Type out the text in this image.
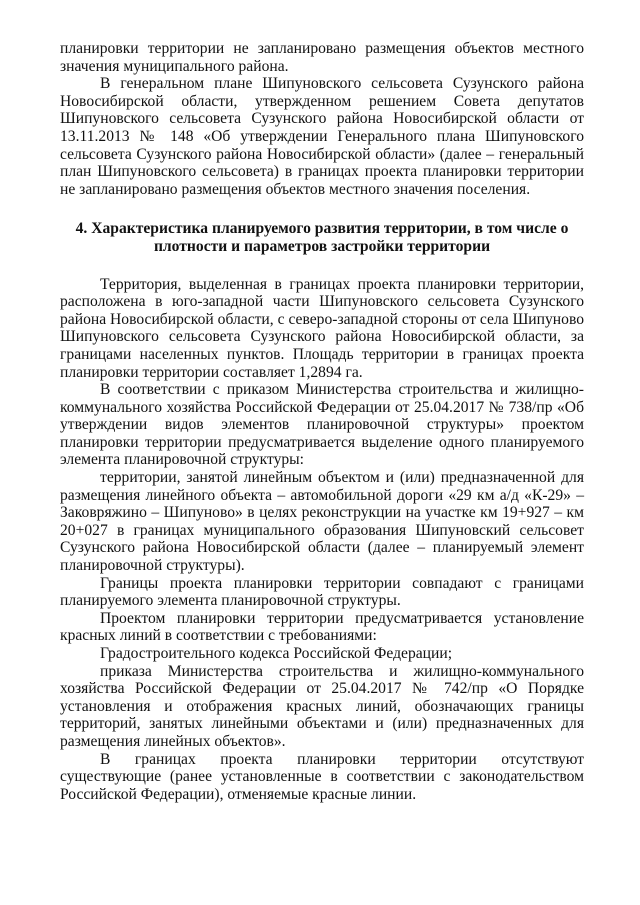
планировки территории не запланировано размещения объектов местного значения муниципального района.

В генеральном плане Шипуновского сельсовета Сузунского района Новосибирской области, утвержденном решением Совета депутатов Шипуновского сельсовета Сузунского района Новосибирской области от 13.11.2013 № 148 «Об утверждении Генерального плана Шипуновского сельсовета Сузунского района Новосибирской области» (далее – генеральный план Шипуновского сельсовета) в границах проекта планировки территории не запланировано размещения объектов местного значения поселения.

4. Характеристика планируемого развития территории, в том числе о плотности и параметров застройки территории

Территория, выделенная в границах проекта планировки территории, расположена в юго-западной части Шипуновского сельсовета Сузунского района Новосибирской области, с северо-западной стороны от села Шипуново Шипуновского сельсовета Сузунского района Новосибирской области, за границами населенных пунктов. Площадь территории в границах проекта планировки территории составляет 1,2894 га.

В соответствии с приказом Министерства строительства и жилищно-коммунального хозяйства Российской Федерации от 25.04.2017 № 738/пр «Об утверждении видов элементов планировочной структуры» проектом планировки территории предусматривается выделение одного планируемого элемента планировочной структуры:

территории, занятой линейным объектом и (или) предназначенной для размещения линейного объекта – автомобильной дороги «29 км а/д «К-29» – Заковряжино – Шипуново» в целях реконструкции на участке км 19+927 – км 20+027 в границах муниципального образования Шипуновский сельсовет Сузунского района Новосибирской области (далее – планируемый элемент планировочной структуры).

Границы проекта планировки территории совпадают с границами планируемого элемента планировочной структуры.

Проектом планировки территории предусматривается установление красных линий в соответствии с требованиями:

Градостроительного кодекса Российской Федерации;

приказа Министерства строительства и жилищно-коммунального хозяйства Российской Федерации от 25.04.2017 № 742/пр «О Порядке установления и отображения красных линий, обозначающих границы территорий, занятых линейными объектами и (или) предназначенных для размещения линейных объектов».

В границах проекта планировки территории отсутствуют существующие (ранее установленные в соответствии с законодательством Российской Федерации), отменяемые красные линии.
